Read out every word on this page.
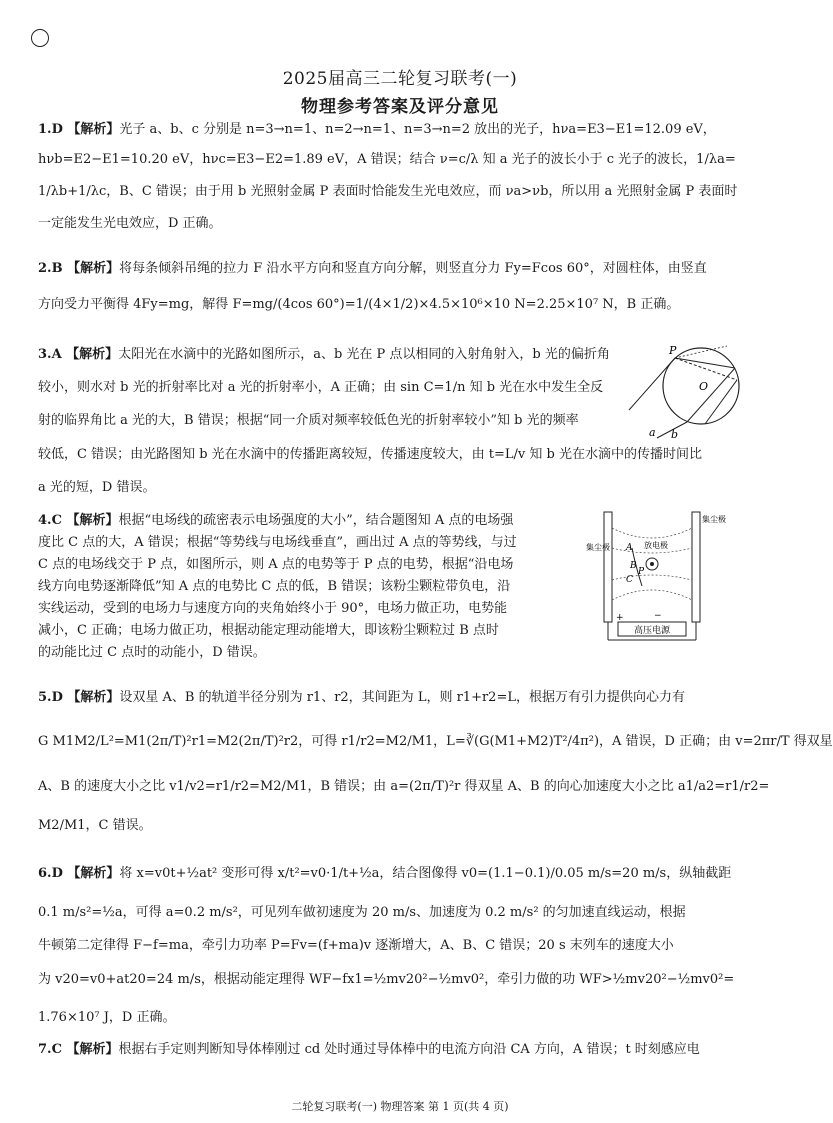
2025届高三二轮复习联考(一)
物理参考答案及评分意见
1.D 【解析】光子 a、b、c 分别是 n=3→n=1、n=2→n=1、n=3→n=2 放出的光子，hνa=E3−E1=12.09 eV，
hνb=E2−E1=10.20 eV，hνc=E3−E2=1.89 eV，A 错误；结合 ν=c/λ 知 a 光子的波长小于 c 光子的波长，1/λa=
1/λb+1/λc，B、C 错误；由于用 b 光照射金属 P 表面时恰能发生光电效应，而 νa>νb，所以用 a 光照射金属 P 表面时
一定能发生光电效应，D 正确。
2.B 【解析】将每条倾斜吊绳的拉力 F 沿水平方向和竖直方向分解，则竖直分力 Fy=Fcos 60°，对圆柱体，由竖直
方向受力平衡得 4Fy=mg，解得 F=mg/(4cos 60°)=1/(4×1/2)×4.5×10⁶×10 N=2.25×10⁷ N，B 正确。
3.A 【解析】太阳光在水滴中的光路如图所示，a、b 光在 P 点以相同的入射角射入，b 光的偏折角
较小，则水对 b 光的折射率比对 a 光的折射率小，A 正确；由 sin C=1/n 知 b 光在水中发生全反
射的临界角比 a 光的大，B 错误；根据“同一介质对频率较低色光的折射率较小”知 b 光的频率
较低，C 错误；由光路图知 b 光在水滴中的传播距离较短，传播速度较大，由 t=L/v 知 b 光在水滴中的传播时间比
a 光的短，D 错误。
P
O
a b
4.C 【解析】根据“电场线的疏密表示电场强度的大小”，结合题图知 A 点的电场强
度比 C 点的大，A 错误；根据“等势线与电场线垂直”，画出过 A 点的等势线，与过
C 点的电场线交于 P 点，如图所示，则 A 点的电势等于 P 点的电势，根据“沿电场
线方向电势逐渐降低”知 A 点的电势比 C 点的低，B 错误；该粉尘颗粒带负电，沿
实线运动，受到的电场力与速度方向的夹角始终小于 90°，电场力做正功，电势能
减小，C 正确；电场力做正功，根据动能定理动能增大，即该粉尘颗粒过 B 点时
的动能比过 C 点时的动能小，D 错误。
高压电源
集尘极
集尘极
放电极
A
B
C
P
+	−
5.D 【解析】设双星 A、B 的轨道半径分别为 r1、r2，其间距为 L，则 r1+r2=L，根据万有引力提供向心力有
G M1M2/L²=M1(2π/T)²r1=M2(2π/T)²r2，可得 r1/r2=M2/M1，L=∛(G(M1+M2)T²/4π²)，A 错误，D 正确；由 v=2πr/T 得双星
A、B 的速度大小之比 v1/v2=r1/r2=M2/M1，B 错误；由 a=(2π/T)²r 得双星 A、B 的向心加速度大小之比 a1/a2=r1/r2=
M2/M1，C 错误。
6.D 【解析】将 x=v0t+½at² 变形可得 x/t²=v0·1/t+½a，结合图像得 v0=(1.1−0.1)/0.05 m/s=20 m/s，纵轴截距
0.1 m/s²=½a，可得 a=0.2 m/s²，可见列车做初速度为 20 m/s、加速度为 0.2 m/s² 的匀加速直线运动，根据
牛顿第二定律得 F−f=ma，牵引力功率 P=Fv=(f+ma)v 逐渐增大，A、B、C 错误；20 s 末列车的速度大小
为 v20=v0+at20=24 m/s，根据动能定理得 WF−fx1=½mv20²−½mv0²，牵引力做的功 WF>½mv20²−½mv0²=
1.76×10⁷ J，D 正确。
7.C 【解析】根据右手定则判断知导体棒刚过 cd 处时通过导体棒中的电流方向沿 CA 方向，A 错误；t 时刻感应电
二轮复习联考(一) 物理答案 第 1 页(共 4 页)
